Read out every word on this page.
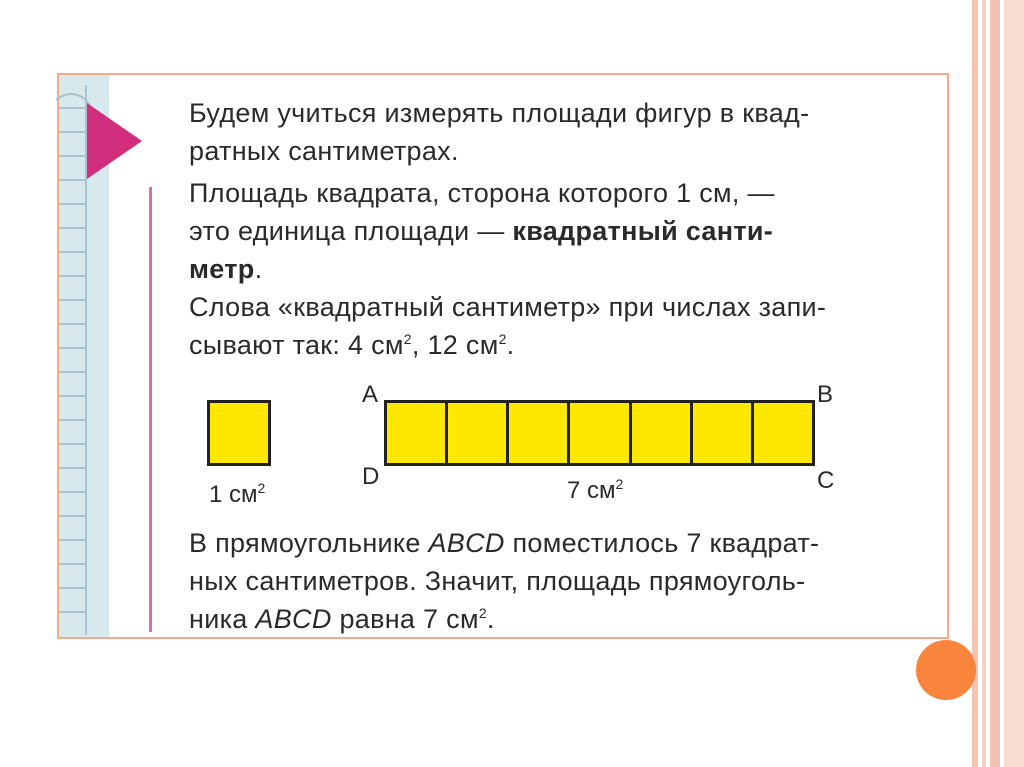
Будем учиться измерять площади фигур в квад-
ратных сантиметрах.
Площадь квадрата, сторона которого 1 см, —
это единица площади — квадратный санти-
метр.
Слова «квадратный сантиметр» при числах запи-
сывают так: 4 $см^2$, 12 $см^2$.
1 $см^2$
A	B
D	C
7 $см^2$
В прямоугольнике ABCD поместилось 7 квадрат-
ных сантиметров. Значит, площадь прямоуголь-
ника ABCD равна 7 $см^2$.
